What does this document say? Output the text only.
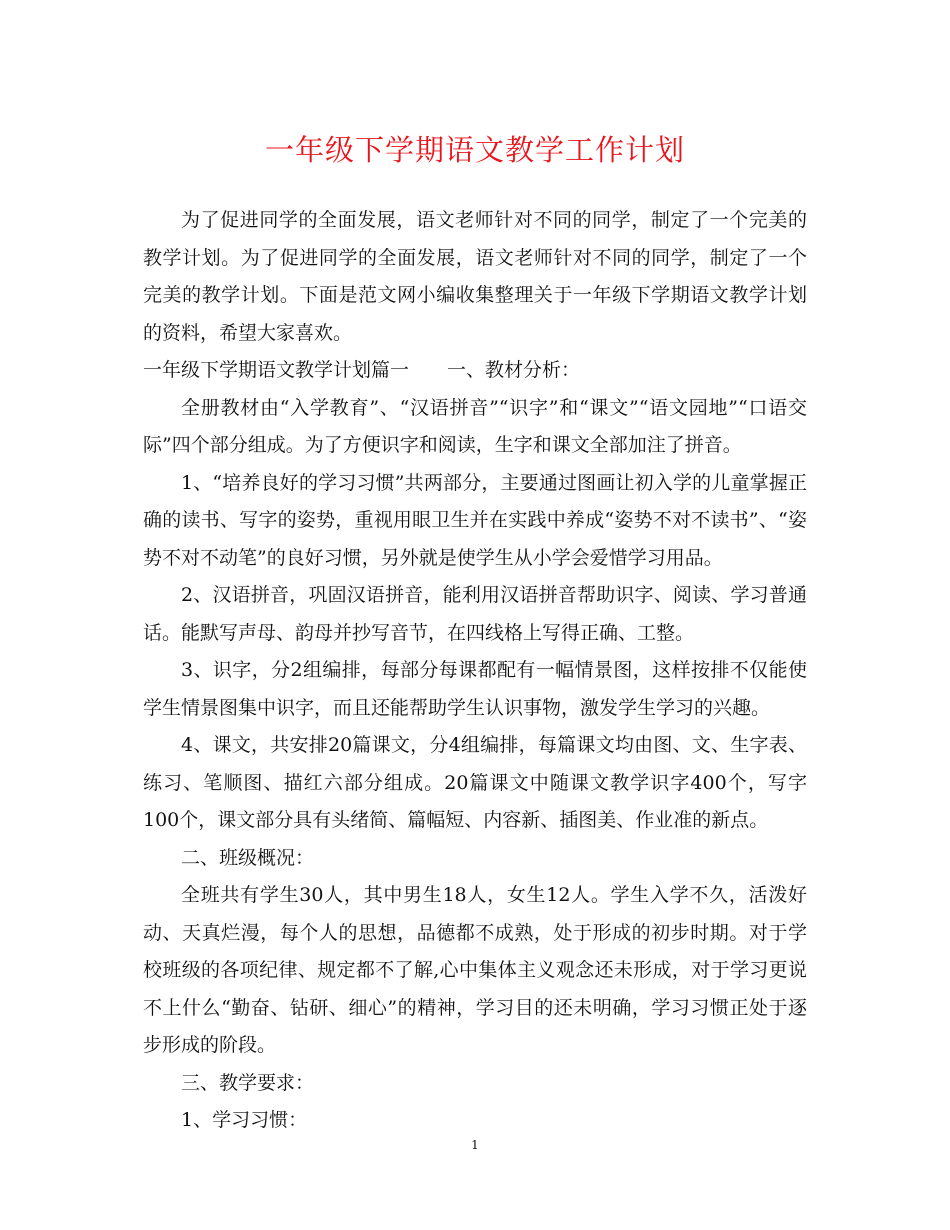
一年级下学期语文教学工作计划

为了促进同学的全面发展，语文老师针对不同的同学，制定了一个完美的教学计划。为了促进同学的全面发展，语文老师针对不同的同学，制定了一个完美的教学计划。下面是范文网小编收集整理关于一年级下学期语文教学计划的资料，希望大家喜欢。

一年级下学期语文教学计划篇一　　一、教材分析：

全册教材由“入学教育”、“汉语拼音”“识字”和“课文”“语文园地”“口语交际”四个部分组成。为了方便识字和阅读，生字和课文全部加注了拼音。

1、“培养良好的学习习惯”共两部分，主要通过图画让初入学的儿童掌握正确的读书、写字的姿势，重视用眼卫生并在实践中养成“姿势不对不读书”、“姿势不对不动笔”的良好习惯，另外就是使学生从小学会爱惜学习用品。

2、汉语拼音，巩固汉语拼音，能利用汉语拼音帮助识字、阅读、学习普通话。能默写声母、韵母并抄写音节，在四线格上写得正确、工整。

3、识字，分2组编排，每部分每课都配有一幅情景图，这样按排不仅能使学生情景图集中识字，而且还能帮助学生认识事物，激发学生学习的兴趣。

4、课文，共安排20篇课文，分4组编排，每篇课文均由图、文、生字表、练习、笔顺图、描红六部分组成。20篇课文中随课文教学识字400个，写字100个，课文部分具有头绪简、篇幅短、内容新、插图美、作业准的新点。

二、班级概况：

全班共有学生30人，其中男生18人，女生12人。学生入学不久，活泼好动、天真烂漫，每个人的思想，品德都不成熟，处于形成的初步时期。对于学校班级的各项纪律、规定都不了解,心中集体主义观念还未形成，对于学习更说不上什么“勤奋、钻研、细心”的精神，学习目的还未明确，学习习惯正处于逐步形成的阶段。

三、教学要求：

1、学习习惯：

1
